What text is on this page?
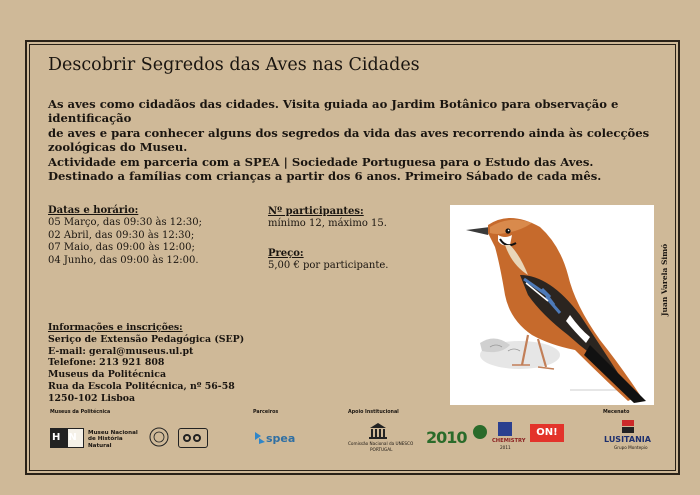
Descobrir Segredos das Aves nas Cidades

As aves como cidadãos das cidades. Visita guiada ao Jardim Botânico para observação e identificação

de aves e para conhecer alguns dos segredos da vida das aves recorrendo ainda às colecções

zoológicas do Museu.

Actividade em parceria com a SPEA | Sociedade Portuguesa para o Estudo das Aves.

Destinado a famílias com crianças a partir dos 6 anos. Primeiro Sábado de cada mês.

Datas e horário:
05 Março, das 09:30 às 12:30;
02 Abril, das 09:30 às 12:30;
07 Maio, das 09:00 às 12:00;
04 Junho, das 09:00 às 12:00.
Nº participantes:
mínimo 12, máximo 15.
Preço:
5,00 € por participante.
Informações e inscrições:
Seriço de Extensão Pedagógica (SEP)
E-mail: geral@museus.ul.pt
Telefone: 213 921 808
Museus da Politécnica
Rua da Escola Politécnica, nº 56-58
1250-102 Lisboa
Juan Varela Simó
Museus da Politécnica	Parceiros	Apoio Institucional	Mecenato
HN Museu Nacional de História Natural
spea	Comissão Nacional da UNESCO
PORTUGAL
2010	CHEMISTRY
2011
ON!
LUSITANIA
Grupo Montepio
